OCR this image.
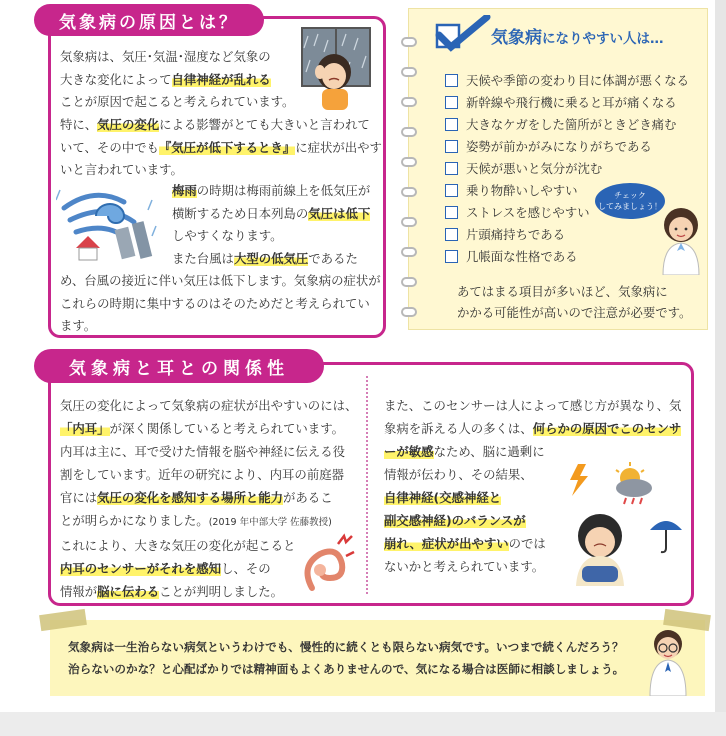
気象病の原因とは？

気象病は、気圧･気温･湿度など気象の

大きな変化によって自律神経が乱れる

ことが原因で起こると考えられています。

特に、気圧の変化による影響がとても大きいと言われて

いて、その中でも『気圧が低下するとき』に症状が出やす

いと言われています。

梅雨の時期は梅雨前線上を低気圧が

横断するため日本列島の気圧は低下

しやすくなります。

また台風は大型の低気圧であるた

め、台風の接近に伴い気圧は低下します。気象病の症状が

これらの時期に集中するのはそのためだと考えられてい

ます。

気象病になりやすい人は…
天候や季節の変わり目に体調が悪くなる
新幹線や飛行機に乗ると耳が痛くなる
大きなケガをした箇所がときどき痛む
姿勢が前かがみになりがちである
天候が悪いと気分が沈む
乗り物酔いしやすい
ストレスを感じやすい
片頭痛持ちである
几帳面な性格である
チェック
してみましょう！

あてはまる項目が多いほど、気象病に

かかる可能性が高いので注意が必要です。

気象病と耳との関係性

気圧の変化によって気象病の症状が出やすいのには、

「内耳」が深く関係していると考えられています。

内耳は主に、耳で受けた情報を脳や神経に伝える役

割をしています。近年の研究により、内耳の前庭器

官には気圧の変化を感知する場所と能力があるこ

とが明らかになりました。(2019 年中部大学 佐藤教授)

これにより、大きな気圧の変化が起こると

内耳のセンサーがそれを感知し、その

情報が脳に伝わることが判明しました。

また、このセンサーは人によって感じ方が異なり、気

象病を訴える人の多くは、何らかの原因でこのセンサ

ーが敏感なため、脳に過剰に

情報が伝わり、その結果、

自律神経(交感神経と

副交感神経)のバランスが

崩れ、症状が出やすいのでは

ないかと考えられています。

気象病は一生治らない病気というわけでも、慢性的に続くとも限らない病気です。いつまで続くんだろう？

治らないのかな？と心配ばかりでは精神面もよくありませんので、気になる場合は医師に相談しましょう。
